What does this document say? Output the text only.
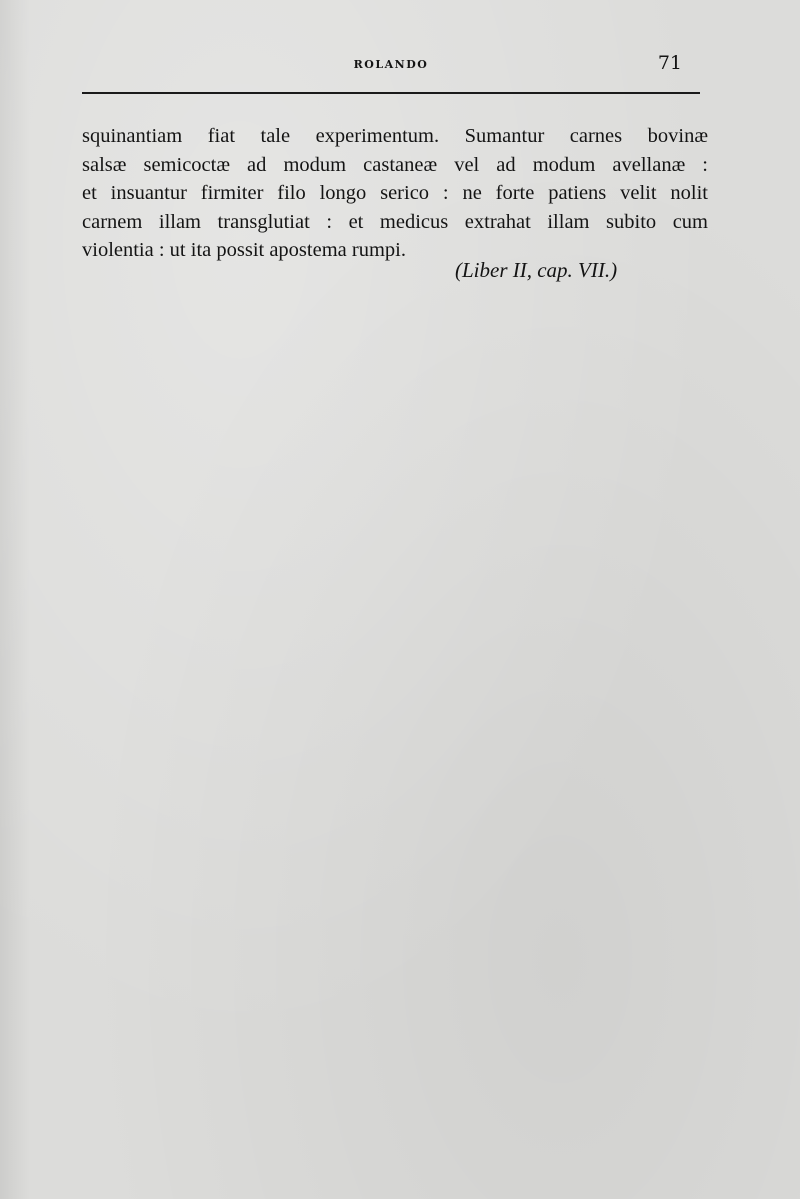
ROLANDO	71
squinantiam fiat tale experimentum. Sumantur carnes bovinæ
salsæ semicoctæ ad modum castaneæ vel ad modum avellanæ :
et insuantur firmiter filo longo serico : ne forte patiens velit nolit
carnem illam transglutiat : et medicus extrahat illam subito cum
violentia : ut ita possit apostema rumpi.
(Liber II, cap. VII.)
